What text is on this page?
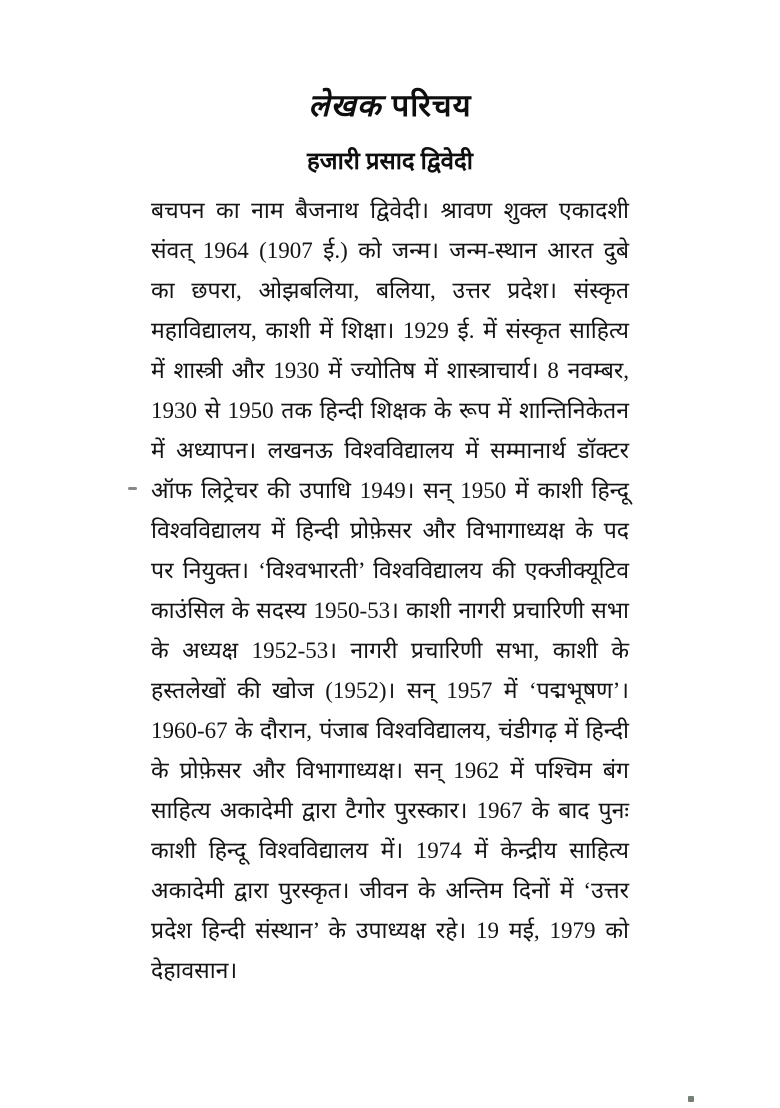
लेखक परिचय
हजारी प्रसाद द्विवेदी

बचपन का नाम बैजनाथ द्विवेदी। श्रावण शुक्ल एकादशी संवत् 1964 (1907 ई.) को जन्म। जन्म-स्थान आरत दुबे का छपरा, ओझबलिया, बलिया, उत्तर प्रदेश। संस्कृत महाविद्यालय, काशी में शिक्षा। 1929 ई. में संस्कृत साहित्य में शास्त्री और 1930 में ज्योतिष में शास्त्राचार्य। 8 नवम्बर, 1930 से 1950 तक हिन्दी शिक्षक के रूप में शान्तिनिकेतन में अध्यापन। लखनऊ विश्वविद्यालय में सम्मानार्थ डॉक्टर ऑफ लिट्रेचर की उपाधि 1949। सन् 1950 में काशी हिन्दू विश्वविद्यालय में हिन्दी प्रोफ़ेसर और विभागाध्यक्ष के पद पर नियुक्त। ‘विश्वभारती’ विश्वविद्यालय की एक्जीक्यूटिव काउंसिल के सदस्य 1950-53। काशी नागरी प्रचारिणी सभा के अध्यक्ष 1952-53। नागरी प्रचारिणी सभा, काशी के हस्तलेखों की खोज (1952)। सन् 1957 में ‘पद्मभूषण’। 1960-67 के दौरान, पंजाब विश्वविद्यालय, चंडीगढ़ में हिन्दी के प्रोफ़ेसर और विभागाध्यक्ष। सन् 1962 में पश्चिम बंग साहित्य अकादेमी द्वारा टैगोर पुरस्कार। 1967 के बाद पुनः काशी हिन्दू विश्वविद्यालय में। 1974 में केन्द्रीय साहित्य अकादेमी द्वारा पुरस्कृत। जीवन के अन्तिम दिनों में ‘उत्तर प्रदेश हिन्दी संस्थान’ के उपाध्यक्ष रहे। 19 मई, 1979 को देहावसान।
